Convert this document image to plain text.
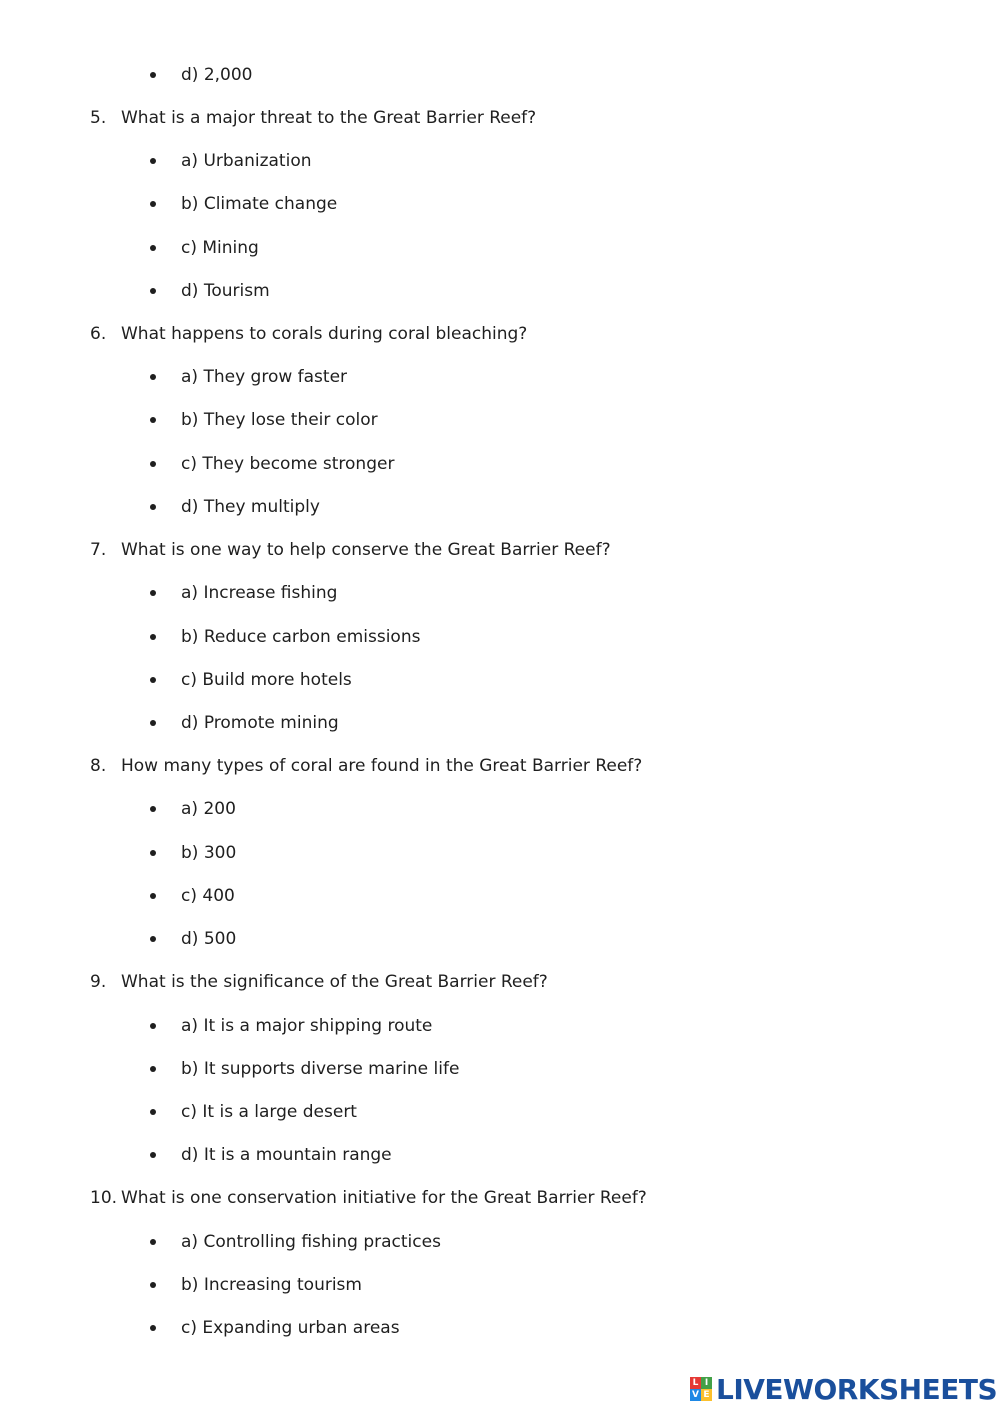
d) 2,000
5. What is a major threat to the Great Barrier Reef?
a) Urbanization
b) Climate change
c) Mining
d) Tourism
6. What happens to corals during coral bleaching?
a) They grow faster
b) They lose their color
c) They become stronger
d) They multiply
7. What is one way to help conserve the Great Barrier Reef?
a) Increase fishing
b) Reduce carbon emissions
c) Build more hotels
d) Promote mining
8. How many types of coral are found in the Great Barrier Reef?
a) 200
b) 300
c) 400
d) 500
9. What is the significance of the Great Barrier Reef?
a) It is a major shipping route
b) It supports diverse marine life
c) It is a large desert
d) It is a mountain range
10. What is one conservation initiative for the Great Barrier Reef?
a) Controlling fishing practices
b) Increasing tourism
c) Expanding urban areas
L I
V E LIVEWORKSHEETS
